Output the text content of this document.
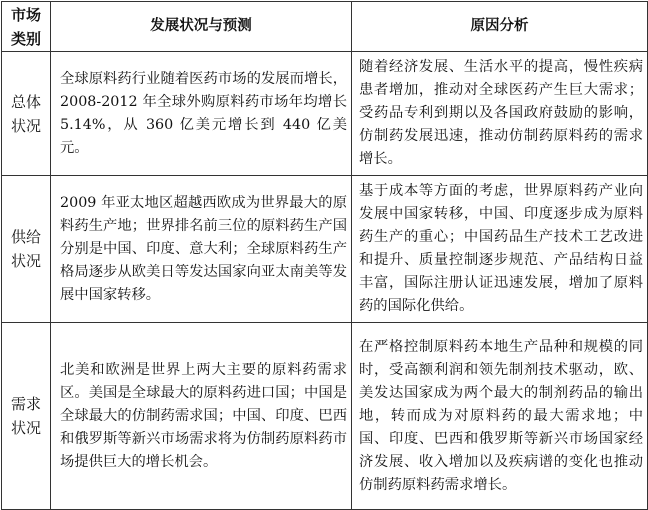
市场
类别	发展状况与预测	原因分析

总体
状况	全球原料药行业随着医药市场的发展而增长，2008-2012 年全球外购原料药市场年均增长 5.14%，从 360 亿美元增长到 440 亿美元。	随着经济发展、生活水平的提高，慢性疾病患者增加，推动对全球医药产生巨大需求；受药品专利到期以及各国政府鼓励的影响，仿制药发展迅速，推动仿制药原料药的需求增长。

供给
状况	2009 年亚太地区超越西欧成为世界最大的原料药生产地；世界排名前三位的原料药生产国分别是中国、印度、意大利；全球原料药生产格局逐步从欧美日等发达国家向亚太南美等发展中国家转移。	基于成本等方面的考虑，世界原料药产业向发展中国家转移，中国、印度逐步成为原料药生产的重心；中国药品生产技术工艺改进和提升、质量控制逐步规范、产品结构日益丰富，国际注册认证迅速发展，增加了原料药的国际化供给。

需求
状况	北美和欧洲是世界上两大主要的原料药需求区。美国是全球最大的原料药进口国；中国是全球最大的仿制药需求国；中国、印度、巴西和俄罗斯等新兴市场需求将为仿制药原料药市场提供巨大的增长机会。	在严格控制原料药本地生产品种和规模的同时，受高额利润和领先制剂技术驱动，欧、美发达国家成为两个最大的制剂药品的输出地，转而成为对原料药的最大需求地；中国、印度、巴西和俄罗斯等新兴市场国家经济发展、收入增加以及疾病谱的变化也推动仿制药原料药需求增长。
